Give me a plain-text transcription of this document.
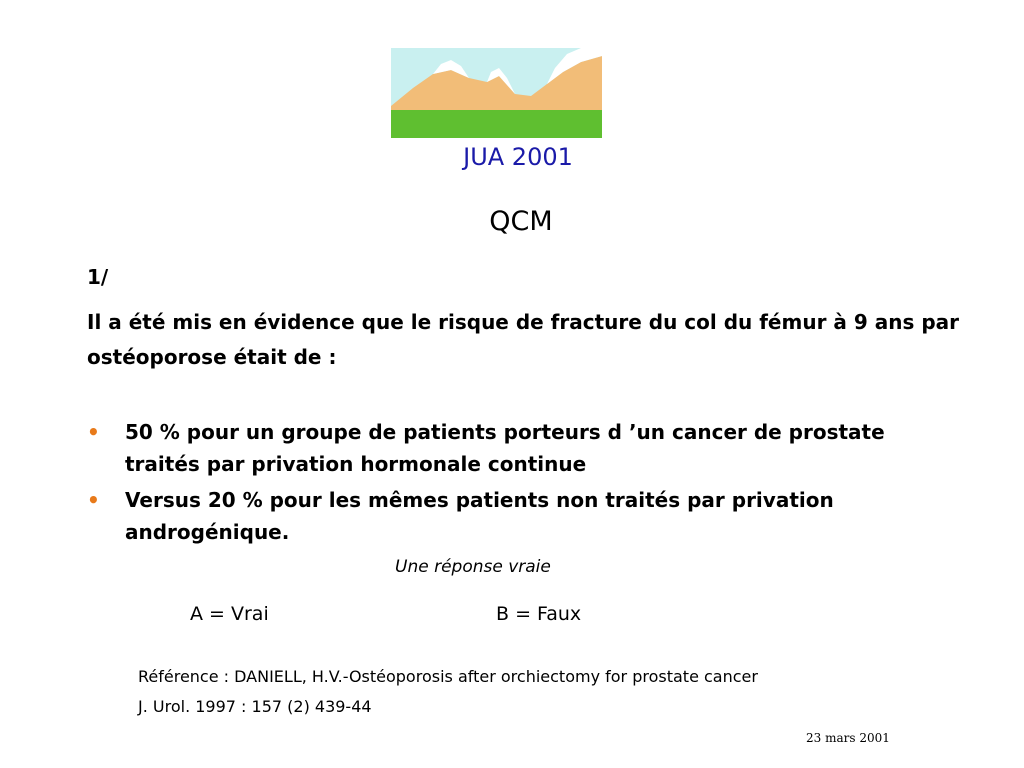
JUA 2001
QCM
1/
Il a été mis en évidence que le risque de fracture du col du fémur à 9 ans par ostéoporose était de :
• 50 % pour un groupe de patients porteurs d ’un cancer de prostate traités par privation hormonale continue
• Versus 20 % pour les mêmes patients non traités par privation androgénique.
Une réponse vraie
A = Vrai	B = Faux
Référence : DANIELL, H.V.-Ostéoporosis after orchiectomy for prostate cancer
J. Urol. 1997 : 157 (2) 439-44
23 mars 2001
